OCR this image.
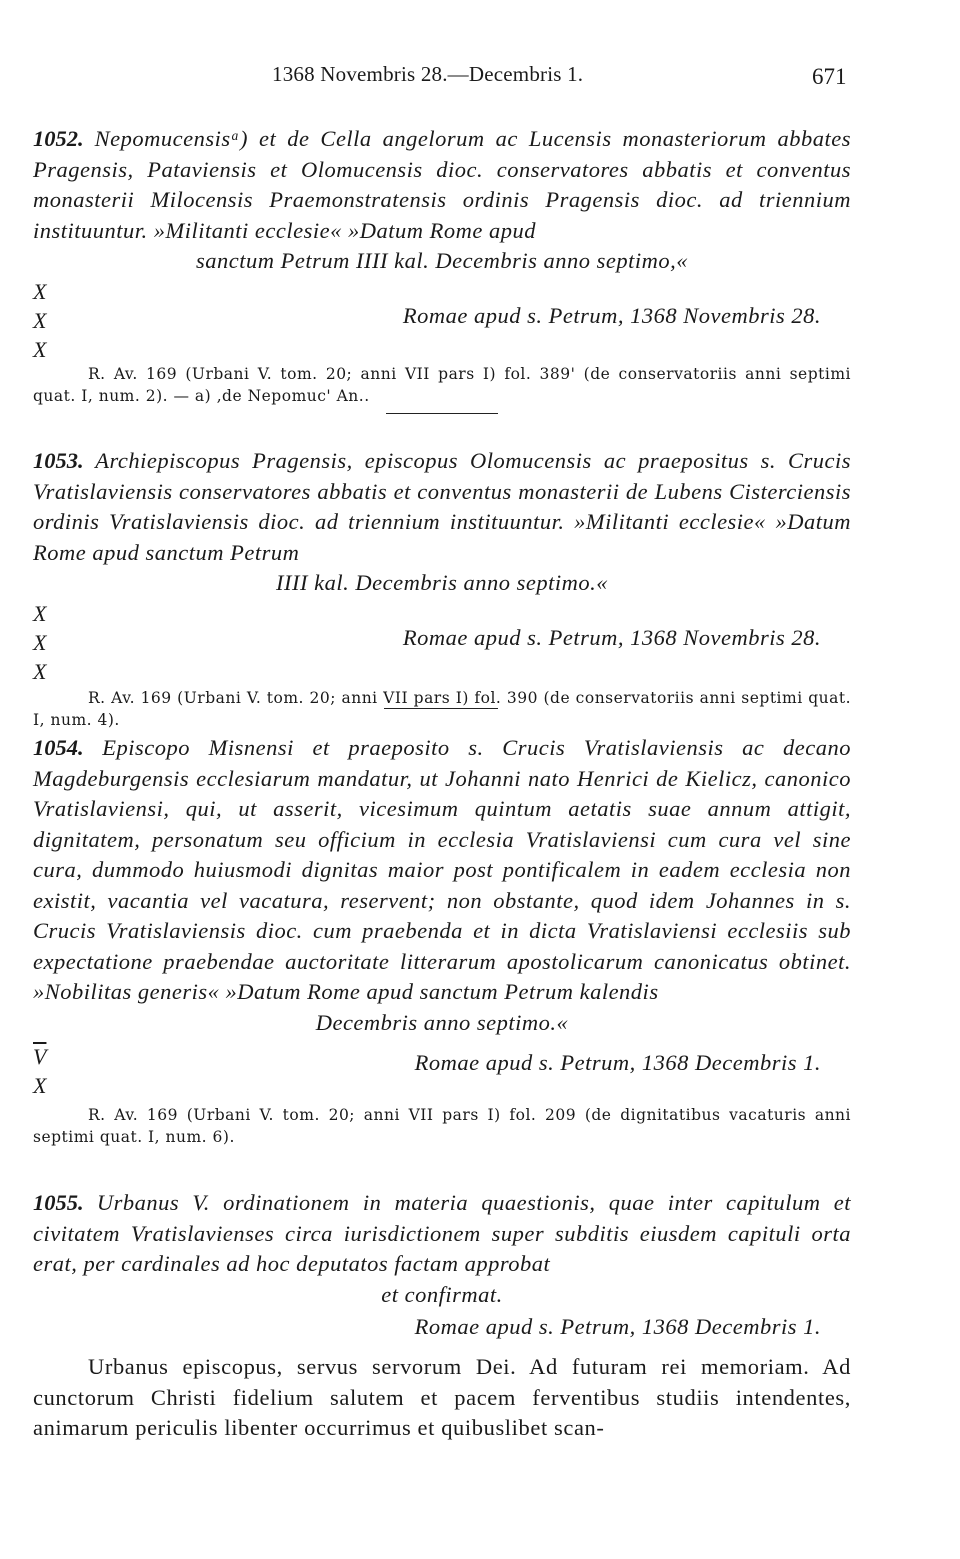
1368 Novembris 28.—Decembris 1.	671

1052. Nepomucensisᵃ) et de Cella angelorum ac Lucensis monasteriorum abbates Pragensis, Pataviensis et Olomucensis dioc. conservatores abbatis et conventus monasterii Milocensis Praemonstratensis ordinis Pragensis dioc. ad triennium instituuntur. »Militanti ecclesie« »Datum Rome apud

sanctum Petrum IIII kal. Decembris anno septimo,«
X
X
X
Romae apud s. Petrum, 1368 Novembris 28.

R. Av. 169 (Urbani V. tom. 20; anni VII pars I) fol. 389' (de conservatoriis anni septimi quat. I, num. 2). — a) ‚de Nepomuc' An..

1053. Archiepiscopus Pragensis, episcopus Olomucensis ac praepositus s. Crucis Vratislaviensis conservatores abbatis et conventus monasterii de Lubens Cisterciensis ordinis Vratislaviensis dioc. ad triennium instituuntur. »Militanti ecclesie« »Datum Rome apud sanctum Petrum

IIII kal. Decembris anno septimo.«
X
X
X
Romae apud s. Petrum, 1368 Novembris 28.

R. Av. 169 (Urbani V. tom. 20; anni VII pars I) fol. 390 (de conservatoriis anni septimi quat. I, num. 4).

1054. Episcopo Misnensi et praeposito s. Crucis Vratislaviensis ac decano Magdeburgensis ecclesiarum mandatur, ut Johanni nato Henrici de Kielicz, canonico Vratislaviensi, qui, ut asserit, vicesimum quintum aetatis suae annum attigit, dignitatem, personatum seu officium in ecclesia Vratislaviensi cum cura vel sine cura, dummodo huiusmodi dignitas maior post pontificalem in eadem ecclesia non existit, vacantia vel vacatura, reservent; non obstante, quod idem Johannes in s. Crucis Vratislaviensis dioc. cum praebenda et in dicta Vratislaviensi ecclesiis sub expectatione praebendae auctoritate litterarum apostolicarum canonicatus obtinet. »Nobilitas generis« »Datum Rome apud sanctum Petrum kalendis

Decembris anno septimo.«
$\overline{V}$
X
Romae apud s. Petrum, 1368 Decembris 1.

R. Av. 169 (Urbani V. tom. 20; anni VII pars I) fol. 209 (de dignitatibus vacaturis anni septimi quat. I, num. 6).

1055. Urbanus V. ordinationem in materia quaestionis, quae inter capitulum et civitatem Vratislavienses circa iurisdictionem super subditis eiusdem capituli orta erat, per cardinales ad hoc deputatos factam approbat

et confirmat.
Romae apud s. Petrum, 1368 Decembris 1.

Urbanus episcopus, servus servorum Dei. Ad futuram rei memoriam. Ad cunctorum Christi fidelium salutem et pacem ferventibus studiis intendentes, animarum periculis libenter occurrimus et quibuslibet scan-
